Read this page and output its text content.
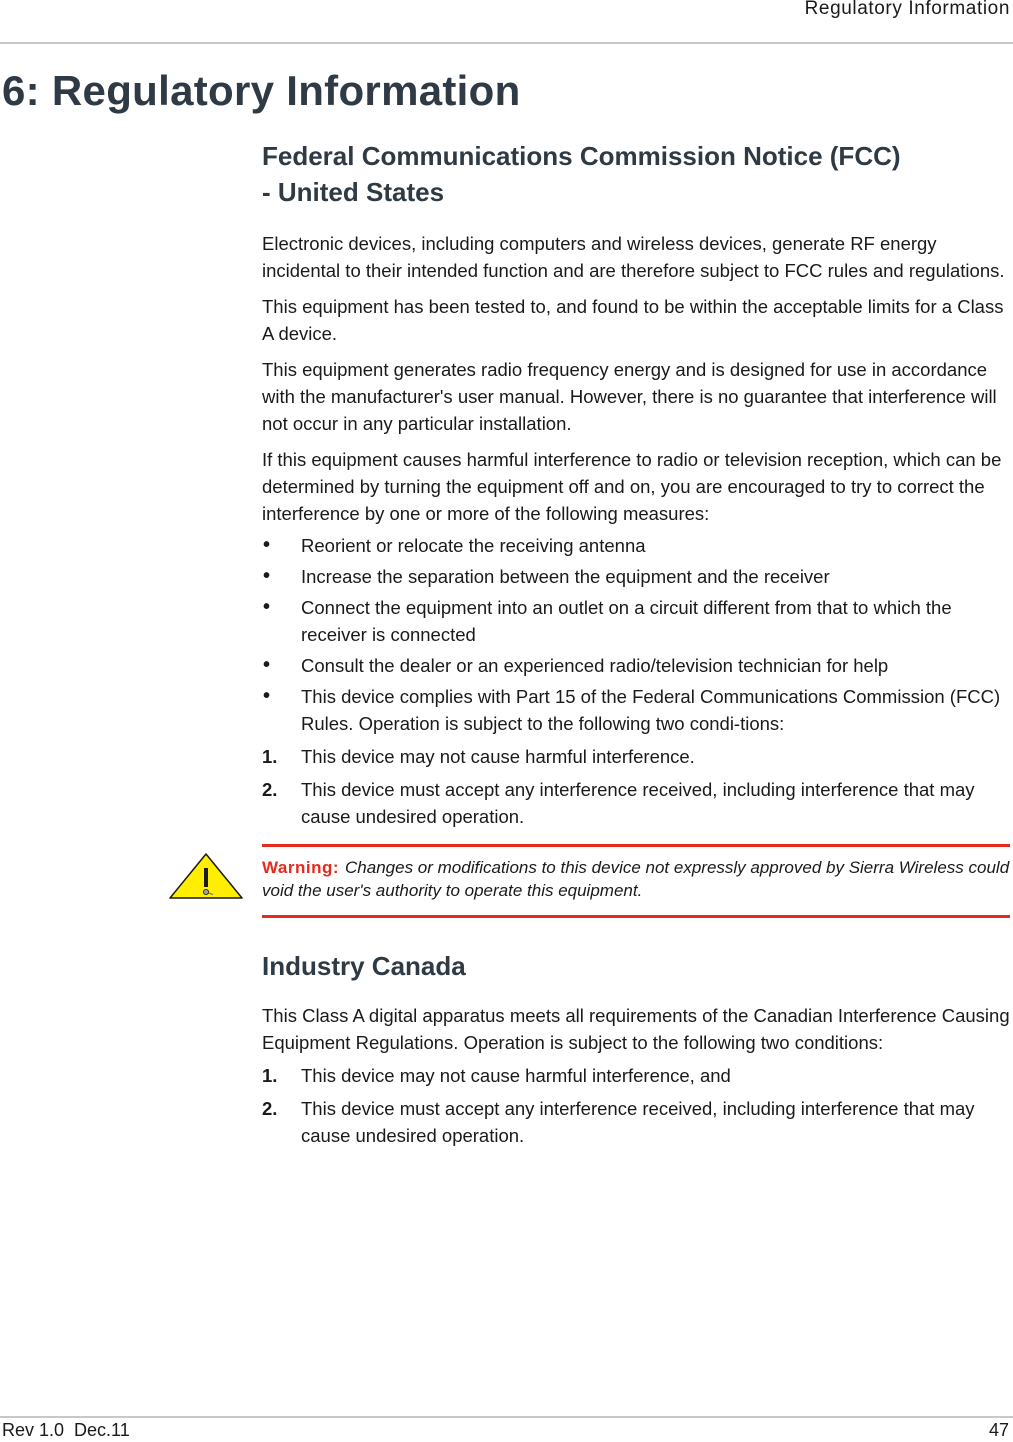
Regulatory Information
6: Regulatory Information
Federal Communications Commission Notice (FCC)
- United States

Electronic devices, including computers and wireless devices, generate RF energy incidental to their intended function and are therefore subject to FCC rules and regulations.

This equipment has been tested to, and found to be within the acceptable limits for a Class A device.

This equipment generates radio frequency energy and is designed for use in accordance with the manufacturer's user manual. However, there is no guarantee that interference will not occur in any particular installation.

If this equipment causes harmful interference to radio or television reception, which can be determined by turning the equipment off and on, you are encouraged to try to correct the interference by one or more of the following measures:

• Reorient or relocate the receiving antenna
• Increase the separation between the equipment and the receiver
• Connect the equipment into an outlet on a circuit different from that to which the receiver is connected
• Consult the dealer or an experienced radio/television technician for help
• This device complies with Part 15 of the Federal Communications Commission (FCC) Rules. Operation is subject to the following two condi-tions:
1. This device may not cause harmful interference.
2. This device must accept any interference received, including interference that may cause undesired operation.
Warning: Changes or modifications to this device not expressly approved by Sierra Wireless could void the user's authority to operate this equipment.
Industry Canada

This Class A digital apparatus meets all requirements of the Canadian Interference Causing Equipment Regulations. Operation is subject to the following two conditions:

1. This device may not cause harmful interference, and
2. This device must accept any interference received, including interference that may cause undesired operation.
Rev 1.0  Dec.11	47
